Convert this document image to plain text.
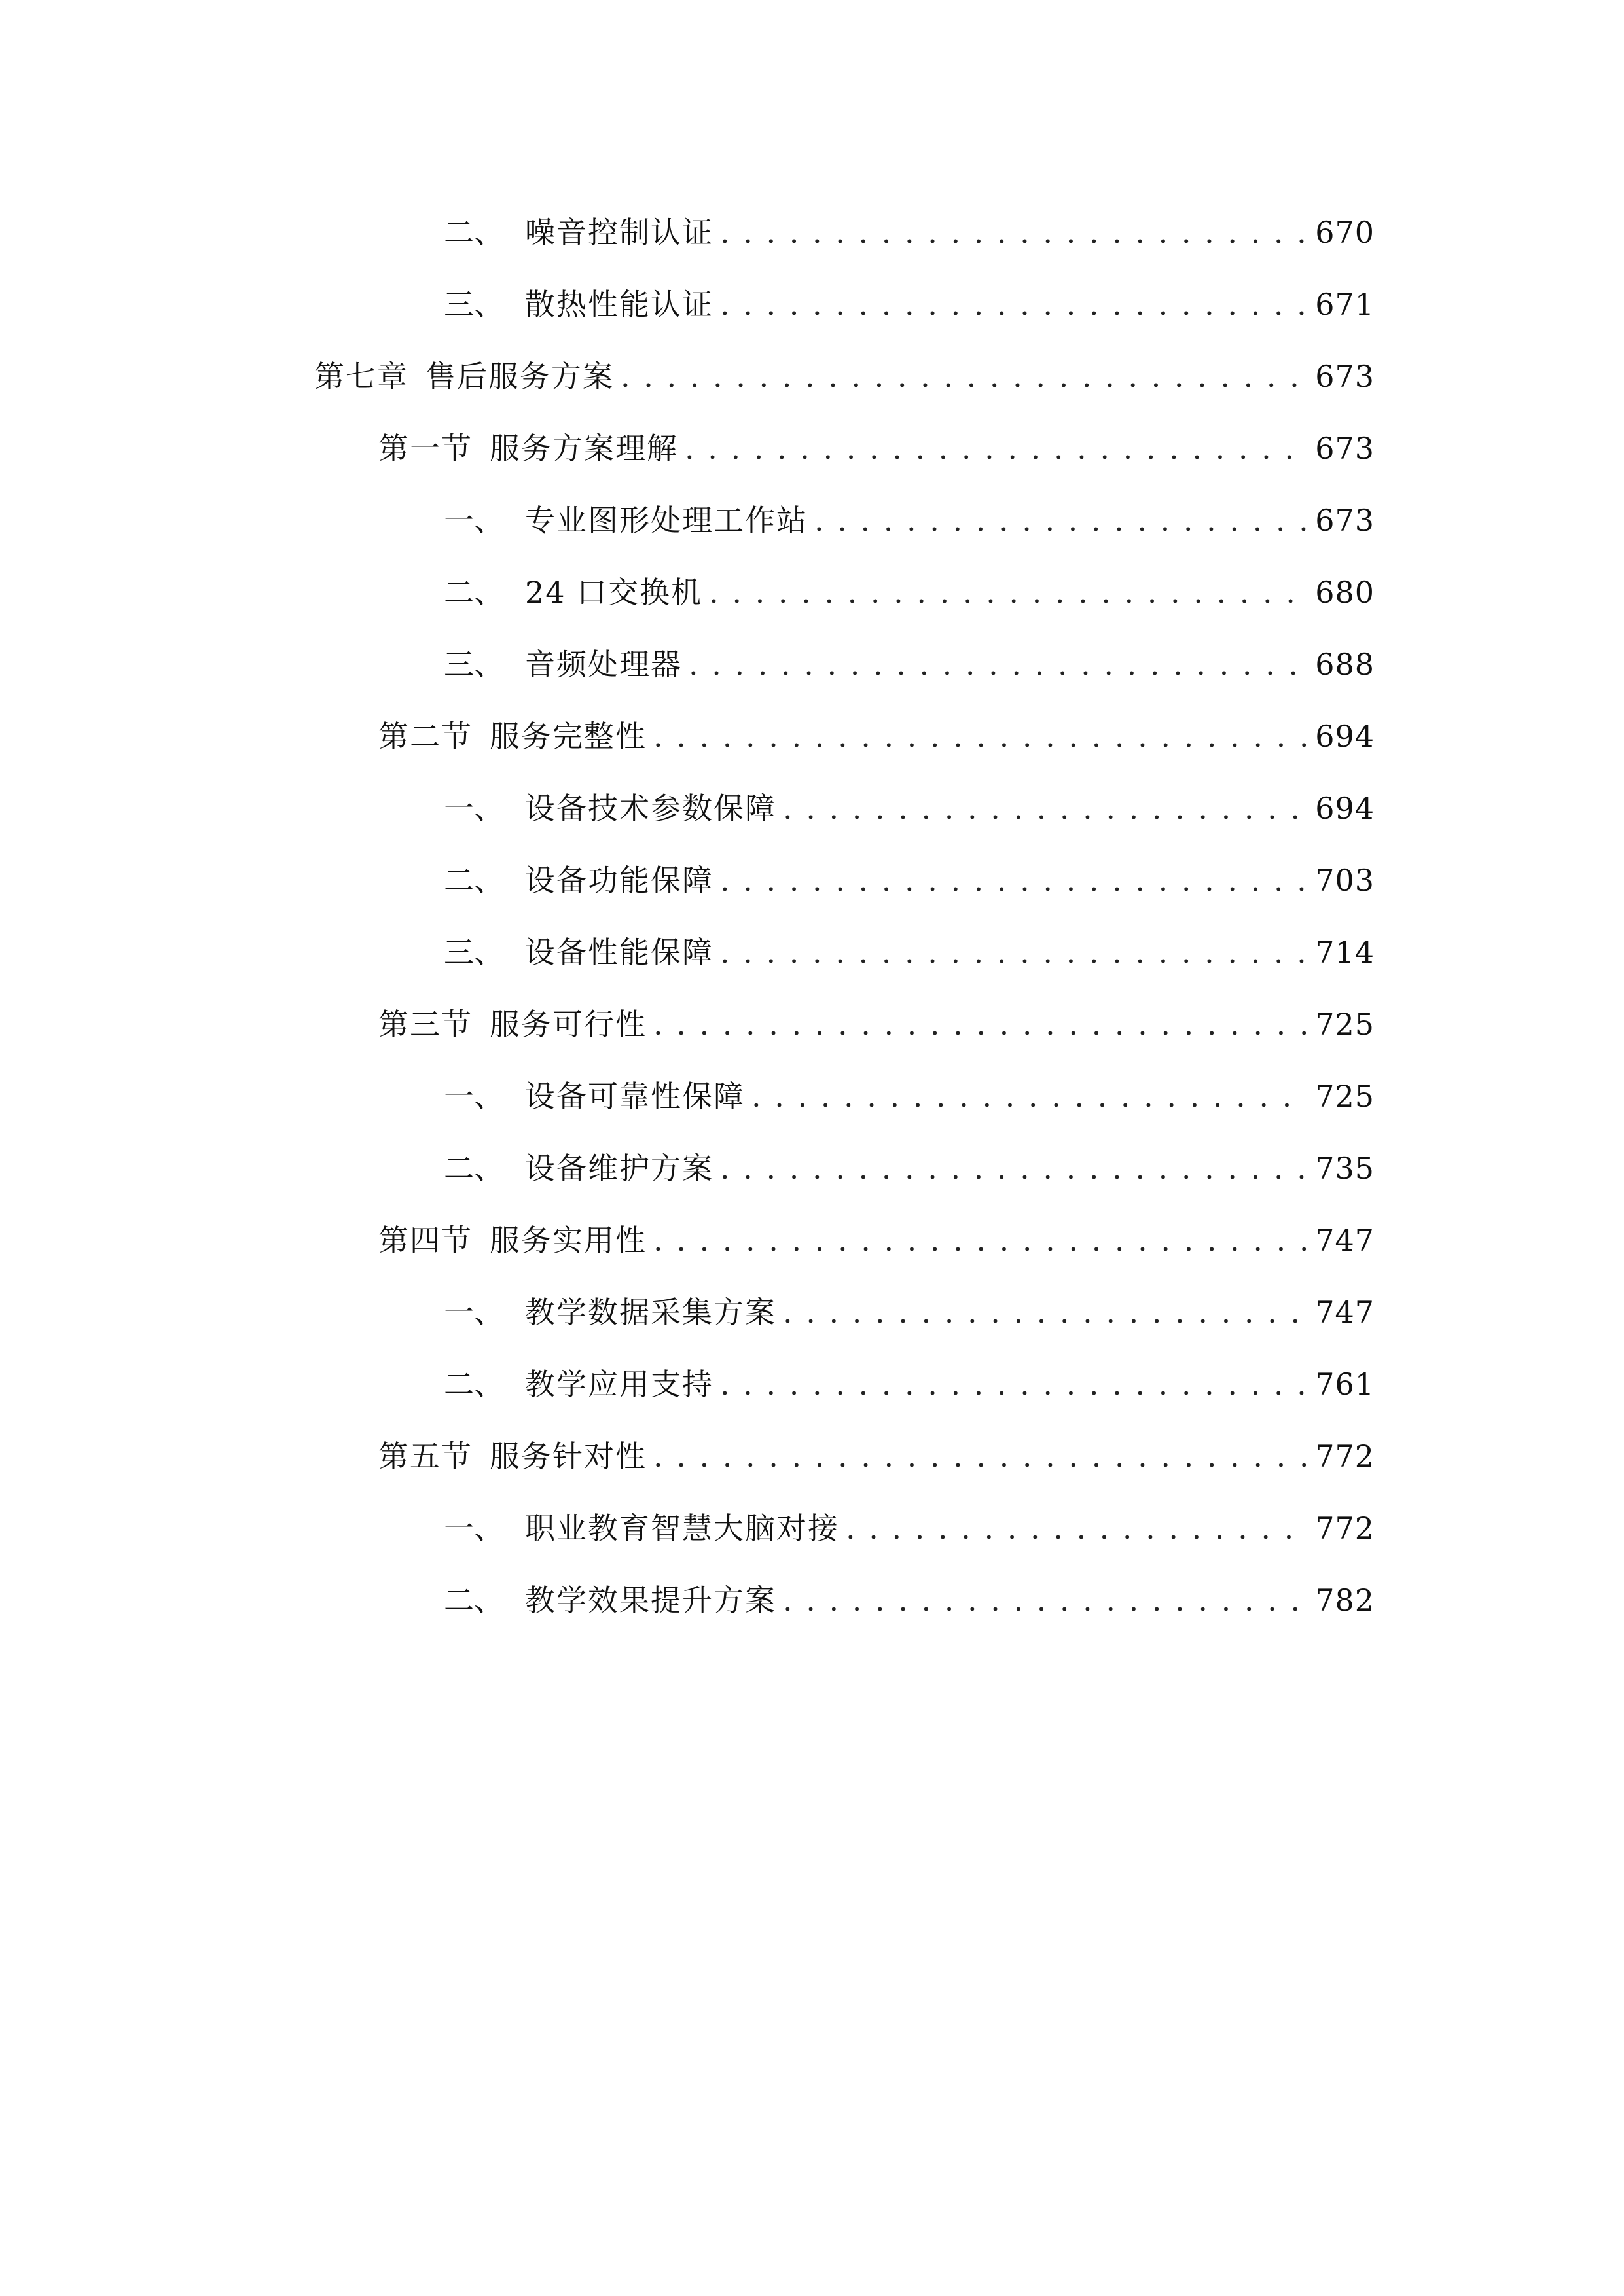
二、 噪音控制认证 . . .	670
三、 散热性能认证 . . .	671
第七章 售后服务方案 . . .	673
第一节 服务方案理解 . . .	673
一、 专业图形处理工作站 . . .	673
二、 24 口交换机 . . .	680
三、 音频处理器 . . .	688
第二节 服务完整性 . . .	694
一、 设备技术参数保障 . . .	694
二、 设备功能保障 . . .	703
三、 设备性能保障 . . .	714
第三节 服务可行性 . . .	725
一、 设备可靠性保障 . . .	725
二、 设备维护方案 . . .	735
第四节 服务实用性 . . .	747
一、 教学数据采集方案 . . .	747
二、 教学应用支持 . . .	761
第五节 服务针对性 . . .	772
一、 职业教育智慧大脑对接 . . .	772
二、 教学效果提升方案 . . .	782
